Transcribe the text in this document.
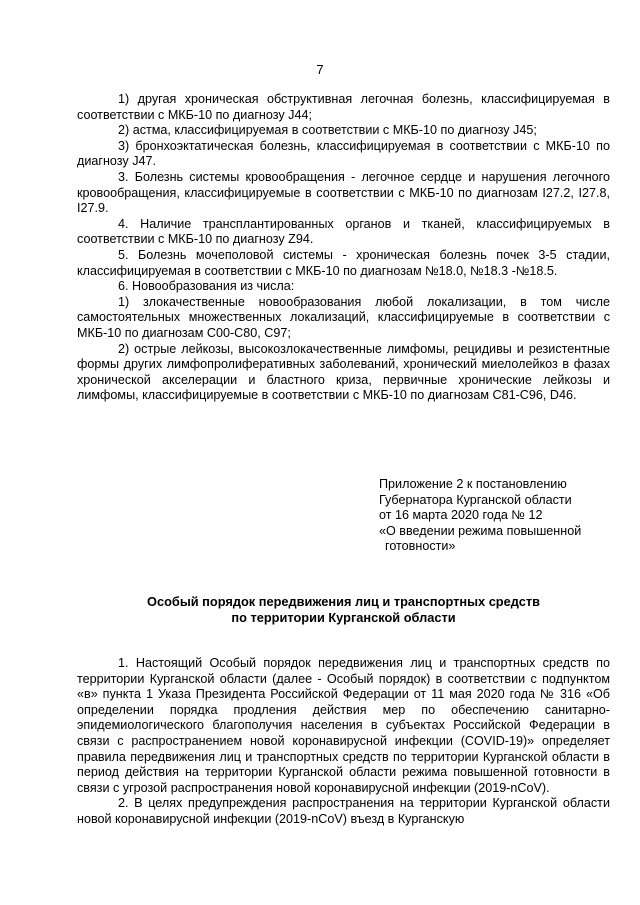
7

1) другая хроническая обструктивная легочная болезнь, классифицируемая в соответствии с МКБ-10 по диагнозу J44;

2) астма, классифицируемая в соответствии с МКБ-10 по диагнозу J45;

3) бронхоэктатическая болезнь, классифицируемая в соответствии с МКБ-10 по диагнозу J47.

3. Болезнь системы кровообращения - легочное сердце и нарушения легочного кровообращения, классифицируемые в соответствии с МКБ-10 по диагнозам I27.2, I27.8, I27.9.

4. Наличие трансплантированных органов и тканей, классифицируемых в соответствии с МКБ-10 по диагнозу Z94.

5. Болезнь мочеполовой системы - хроническая болезнь почек 3-5 стадии, классифицируемая в соответствии с МКБ-10 по диагнозам №18.0, №18.3 -№18.5.

6. Новообразования из числа:

1) злокачественные новообразования любой локализации, в том числе самостоятельных множественных локализаций, классифицируемые в соответствии с МКБ-10 по диагнозам С00-С80, С97;

2) острые лейкозы, высокозлокачественные лимфомы, рецидивы и резистентные формы других лимфопролиферативных заболеваний, хронический миелолейкоз в фазах хронической акселерации и бластного криза, первичные хронические лейкозы и лимфомы, классифицируемые в соответствии с МКБ-10 по диагнозам С81-С96, D46.

Приложение 2 к постановлению
Губернатора Курганской области
от 16 марта 2020 года № 12
«О введении режима повышенной
готовности»
Особый порядок передвижения лиц и транспортных средств
по территории Курганской области

1. Настоящий Особый порядок передвижения лиц и транспортных средств по территории Курганской области (далее - Особый порядок) в соответствии с подпунктом «в» пункта 1 Указа Президента Российской Федерации от 11 мая 2020 года № 316 «Об определении порядка продления действия мер по обеспечению санитарно-эпидемиологического благополучия населения в субъектах Российской Федерации в связи с распространением новой коронавирусной инфекции (COVID-19)» определяет правила передвижения лиц и транспортных средств по территории Курганской области в период действия на территории Курганской области режима повышенной готовности в связи с угрозой распространения новой коронавирусной инфекции (2019-nCoV).

2. В целях предупреждения распространения на территории Курганской области новой коронавирусной инфекции (2019-nCoV) въезд в Курганскую
